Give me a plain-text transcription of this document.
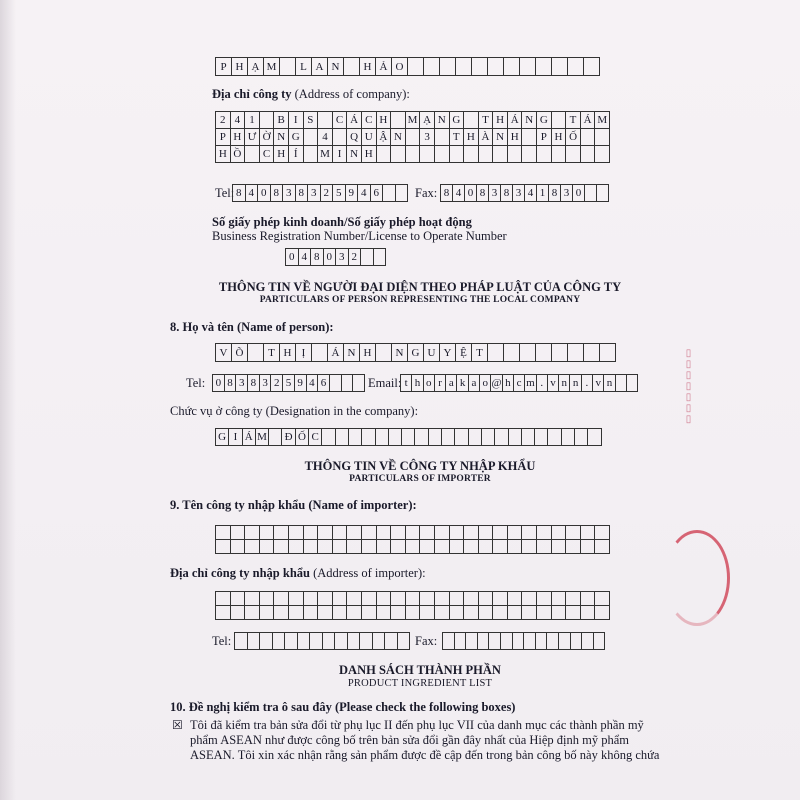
P H Ạ M	L A N	H Ả O
Địa chỉ công ty (Address of company):
2 4 1	B I S	C Á C H	M Ạ N G	T H Á N G	T Á M
P H Ư Ờ N G	4	Q U Ậ N	3	T H À N H	P H Ố
H Ồ	C H Í	M I N H
Tel: 8 4 0 8 3 8 3 2 5 9 4 6	Fax: 8 4 0 8 3 8 3 4 1 8 3 0
Số giấy phép kinh doanh/Số giấy phép hoạt động
Business Registration Number/License to Operate Number
0 4 8 0 3 2
THÔNG TIN VỀ NGƯỜI ĐẠI DIỆN THEO PHÁP LUẬT CỦA CÔNG TY
PARTICULARS OF PERSON REPRESENTING THE LOCAL COMPANY
8. Họ và tên (Name of person):
V Õ	T H Ị	Á N H	N G U Y Ệ T
Tel: 0 8 3 8 3 2 5 9 4 6	Email: t h o r a k a o @ h c m . v n n . v n
Chức vụ ở công ty (Designation in the company):
G I Á M Đ Ố C
THÔNG TIN VỀ CÔNG TY NHẬP KHẨU
PARTICULARS OF IMPORTER
9. Tên công ty nhập khẩu (Name of importer):
Địa chỉ công ty nhập khẩu (Address of importer):
Tel:	Fax:
DANH SÁCH THÀNH PHẦN
PRODUCT INGREDIENT LIST
10. Đề nghị kiểm tra ô sau đây (Please check the following boxes)
☒ Tôi đã kiểm tra bản sửa đổi từ phụ lục II đến phụ lục VII của danh mục các thành phần mỹ
phẩm ASEAN như được công bố trên bản sửa đổi gần đây nhất của Hiệp định mỹ phẩm
ASEAN. Tôi xin xác nhận rằng sản phẩm được đề cập đến trong bản công bố này không chứa
▯▯▯▯▯▯▯
